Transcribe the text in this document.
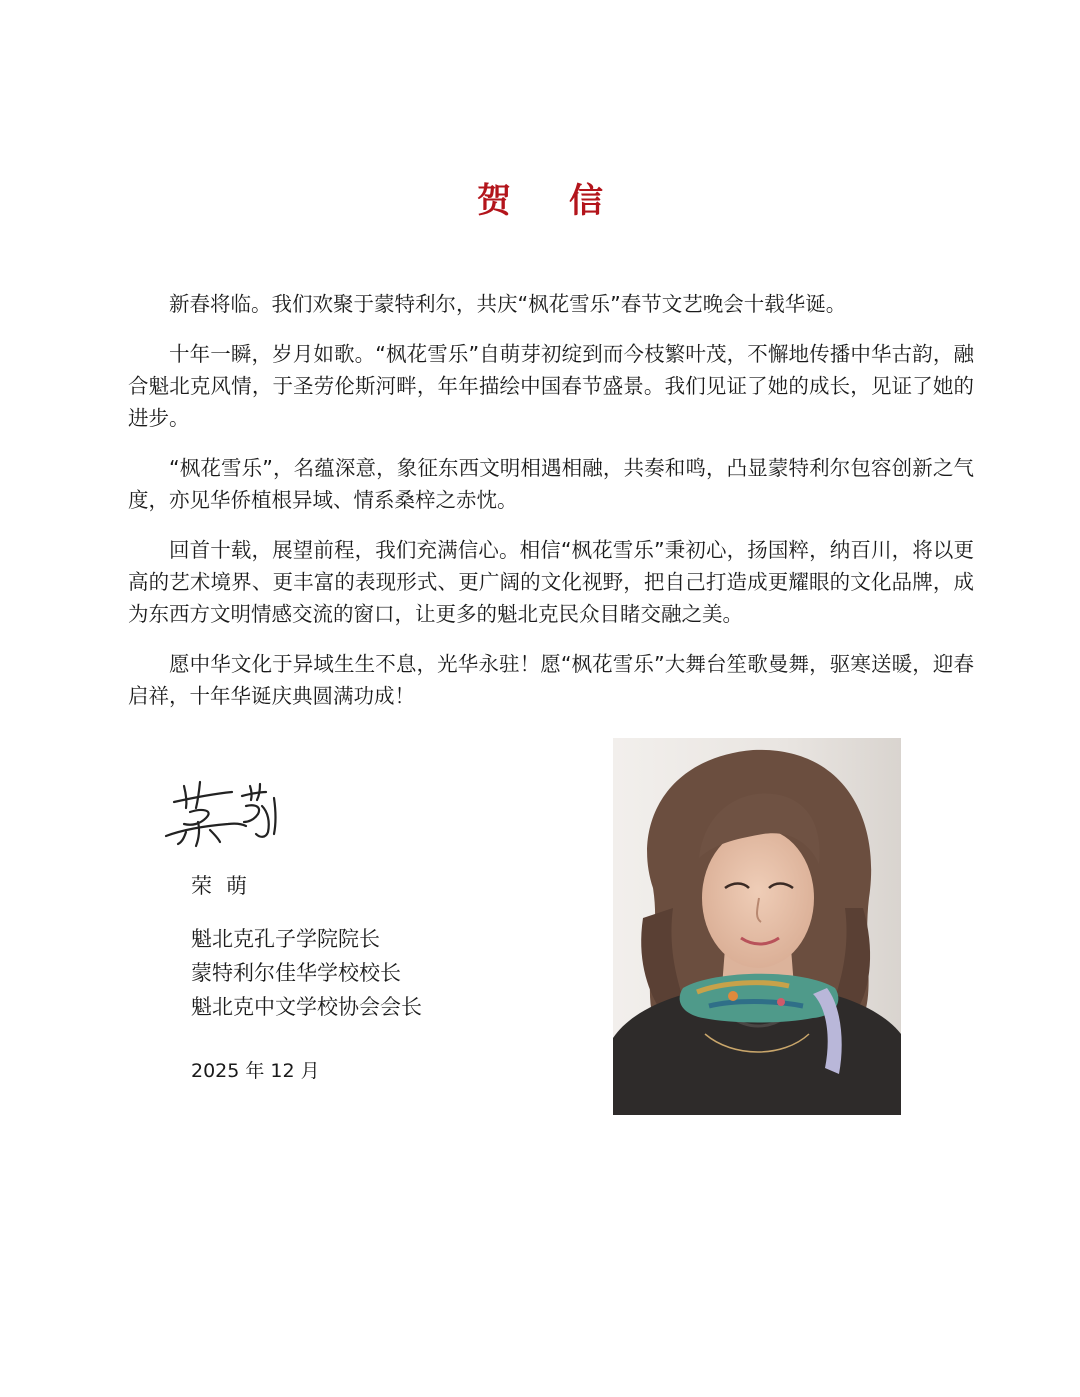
贺 信

新春将临。我们欢聚于蒙特利尔，共庆“枫花雪乐”春节文艺晚会十载华诞。

十年一瞬，岁月如歌。“枫花雪乐”自萌芽初绽到而今枝繁叶茂，不懈地传播中华古韵，融合魁北克风情，于圣劳伦斯河畔，年年描绘中国春节盛景。我们见证了她的成长，见证了她的进步。

“枫花雪乐”，名蕴深意，象征东西文明相遇相融，共奏和鸣，凸显蒙特利尔包容创新之气度，亦见华侨植根异域、情系桑梓之赤忱。

回首十载，展望前程，我们充满信心。相信“枫花雪乐”秉初心，扬国粹，纳百川，将以更高的艺术境界、更丰富的表现形式、更广阔的文化视野，把自己打造成更耀眼的文化品牌，成为东西方文明情感交流的窗口，让更多的魁北克民众目睹交融之美。

愿中华文化于异域生生不息，光华永驻！愿“枫花雪乐”大舞台笙歌曼舞，驱寒送暖，迎春启祥，十年华诞庆典圆满功成！

荣萌
魁北克孔子学院院长
蒙特利尔佳华学校校长
魁北克中文学校协会会长
2025 年 12 月
